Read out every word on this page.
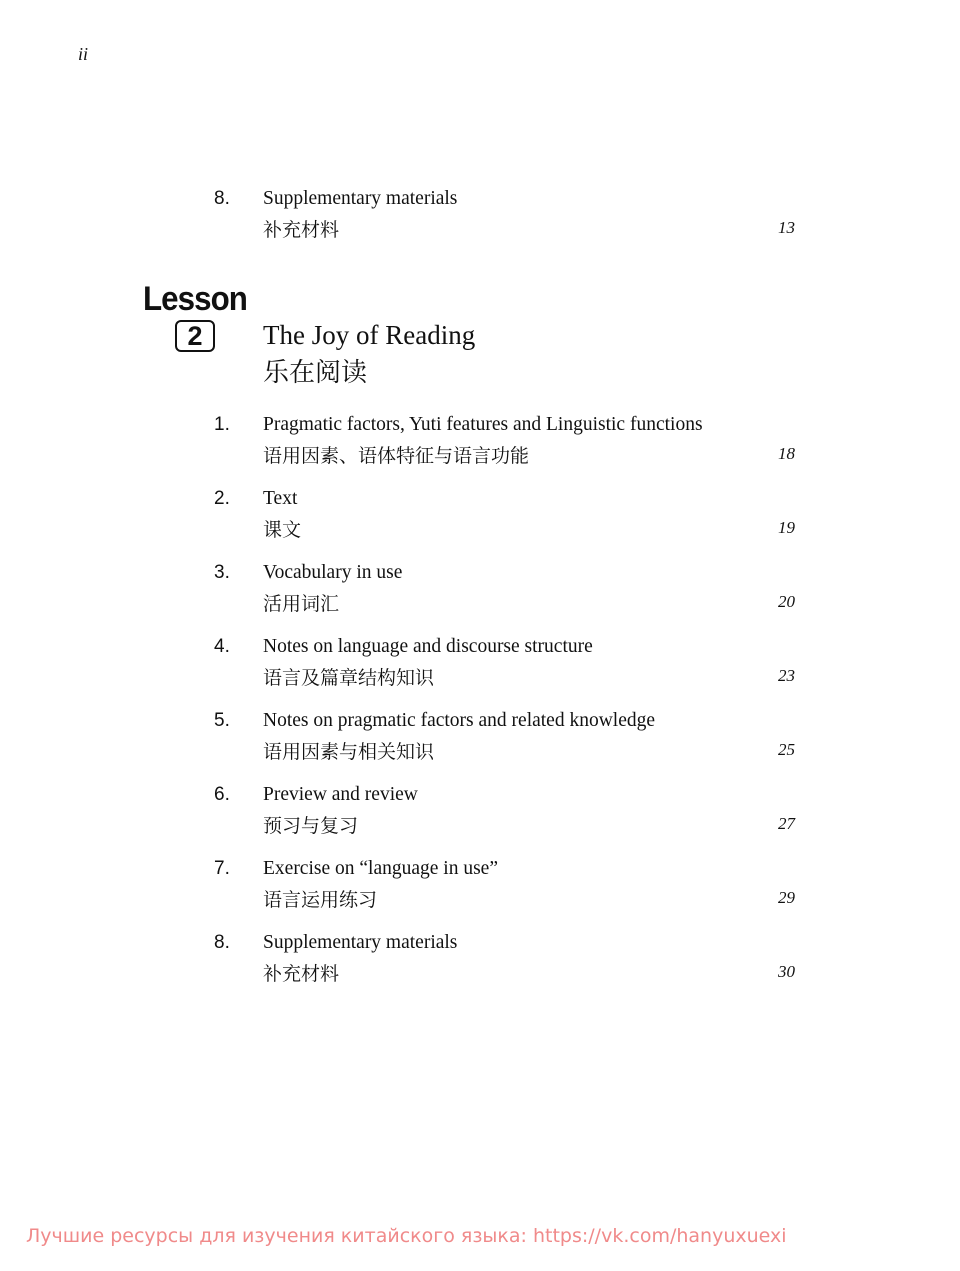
ii
8. Supplementary materials
补充材料	13
Lesson
2	The Joy of Reading
乐在阅读
1. Pragmatic factors, Yuti features and Linguistic functions
语用因素、语体特征与语言功能	18
2. Text
课文	19
3. Vocabulary in use
活用词汇	20
4. Notes on language and discourse structure
语言及篇章结构知识	23
5. Notes on pragmatic factors and related knowledge
语用因素与相关知识	25
6. Preview and review
预习与复习	27
7. Exercise on “language in use”
语言运用练习	29
8. Supplementary materials
补充材料	30
Лучшие ресурсы для изучения китайского языка: https://vk.com/hanyuxuexi
